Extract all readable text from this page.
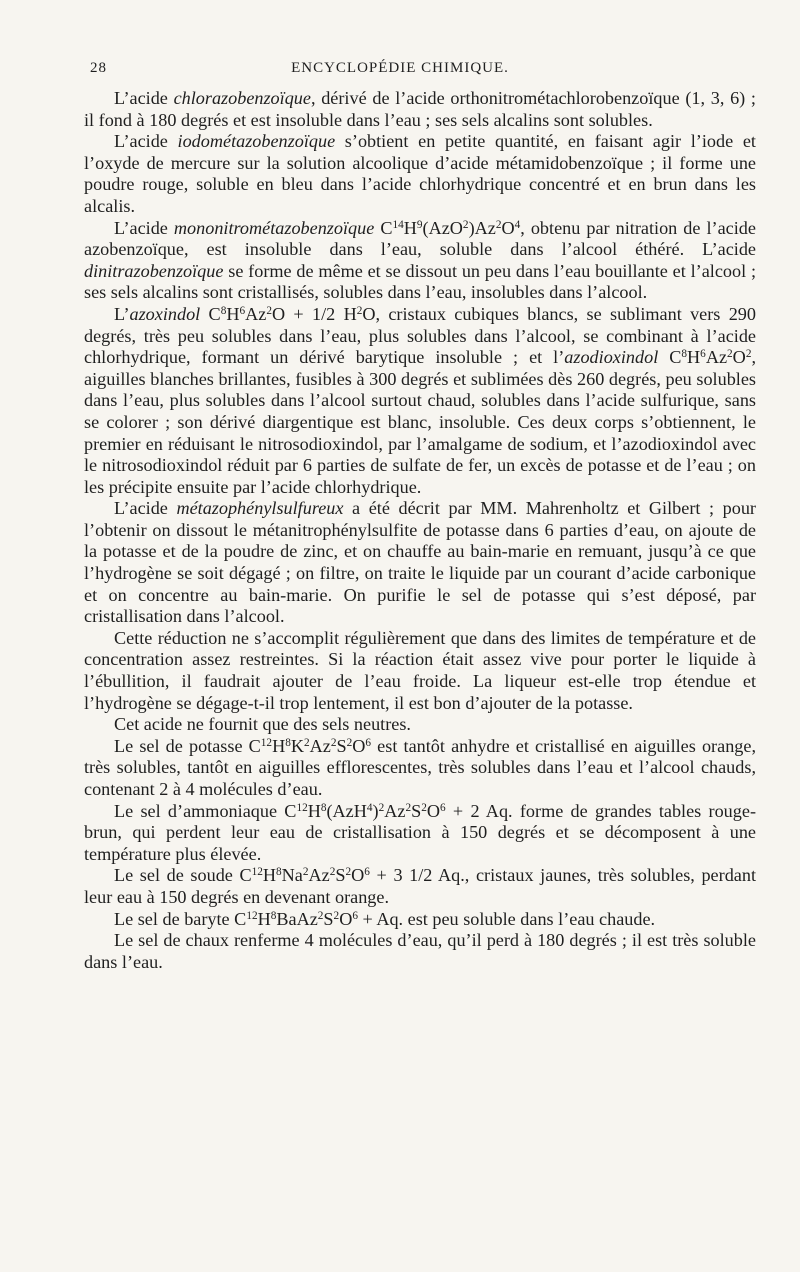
28	ENCYCLOPÉDIE CHIMIQUE.

L’acide chlorazobenzoïque, dérivé de l’acide orthonitrométachlorobenzoïque (1, 3, 6) ; il fond à 180 degrés et est insoluble dans l’eau ; ses sels alcalins sont solubles.

L’acide iodométazobenzoïque s’obtient en petite quantité, en faisant agir l’iode et l’oxyde de mercure sur la solution alcoolique d’acide métamidobenzoïque ; il forme une poudre rouge, soluble en bleu dans l’acide chlorhydrique concentré et en brun dans les alcalis.

L’acide mononitrométazobenzoïque $C^{14}H^9(AzO^2)Az^2O^4$, obtenu par nitration de l’acide azobenzoïque, est insoluble dans l’eau, soluble dans l’alcool éthéré. L’acide dinitrazobenzoïque se forme de même et se dissout un peu dans l’eau bouillante et l’alcool ; ses sels alcalins sont cristallisés, solubles dans l’eau, insolubles dans l’alcool.

L’azoxindol $C^8H^6Az^2O + 1/2$ $H^2O$, cristaux cubiques blancs, se sublimant vers 290 degrés, très peu solubles dans l’eau, plus solubles dans l’alcool, se combinant à l’acide chlorhydrique, formant un dérivé barytique insoluble ; et l’azodioxindol $C^8H^6Az^2O^2$, aiguilles blanches brillantes, fusibles à 300 degrés et sublimées dès 260 degrés, peu solubles dans l’eau, plus solubles dans l’alcool surtout chaud, solubles dans l’acide sulfurique, sans se colorer ; son dérivé diargentique est blanc, insoluble. Ces deux corps s’obtiennent, le premier en réduisant le nitrosodioxindol, par l’amalgame de sodium, et l’azodioxindol avec le nitrosodioxindol réduit par 6 parties de sulfate de fer, un excès de potasse et de l’eau ; on les précipite ensuite par l’acide chlorhydrique.

L’acide métazophénylsulfureux a été décrit par MM. Mahrenholtz et Gilbert ; pour l’obtenir on dissout le métanitrophénylsulfite de potasse dans 6 parties d’eau, on ajoute de la potasse et de la poudre de zinc, et on chauffe au bain-marie en remuant, jusqu’à ce que l’hydrogène se soit dégagé ; on filtre, on traite le liquide par un courant d’acide carbonique et on concentre au bain-marie. On purifie le sel de potasse qui s’est déposé, par cristallisation dans l’alcool.

Cette réduction ne s’accomplit régulièrement que dans des limites de température et de concentration assez restreintes. Si la réaction était assez vive pour porter le liquide à l’ébullition, il faudrait ajouter de l’eau froide. La liqueur est-elle trop étendue et l’hydrogène se dégage-t-il trop lentement, il est bon d’ajouter de la potasse.

Cet acide ne fournit que des sels neutres.

Le sel de potasse $C^{12}H^8K^2Az^2S^2O^6$ est tantôt anhydre et cristallisé en aiguilles orange, très solubles, tantôt en aiguilles efflorescentes, très solubles dans l’eau et l’alcool chauds, contenant 2 à 4 molécules d’eau.

Le sel d’ammoniaque $C^{12}H^8(AzH^4)^2Az^2S^2O^6 + 2$ Aq. forme de grandes tables rouge-brun, qui perdent leur eau de cristallisation à 150 degrés et se décomposent à une température plus élevée.

Le sel de soude $C^{12}H^8Na^2Az^2S^2O^6 + 3$ 1/2 Aq., cristaux jaunes, très solubles, perdant leur eau à 150 degrés en devenant orange.

Le sel de baryte $C^{12}H^8BaAz^2S^2O^6 + Aq$. est peu soluble dans l’eau chaude.

Le sel de chaux renferme 4 molécules d’eau, qu’il perd à 180 degrés ; il est très soluble dans l’eau.
